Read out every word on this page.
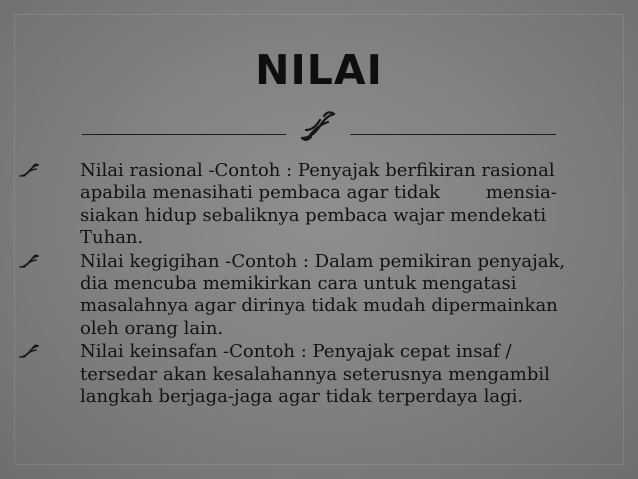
NILAI
Nilai rasional -Contoh : Penyajak berfikiran rasional
apabila menasihati pembaca agar tidak        mensia-
siakan hidup sebaliknya pembaca wajar mendekati
Tuhan.
Nilai kegigihan -Contoh : Dalam pemikiran penyajak,
dia mencuba memikirkan cara untuk mengatasi
masalahnya agar dirinya tidak mudah dipermainkan
oleh orang lain.
Nilai keinsafan -Contoh : Penyajak cepat insaf /
tersedar akan kesalahannya seterusnya mengambil
langkah berjaga-jaga agar tidak terperdaya lagi.
